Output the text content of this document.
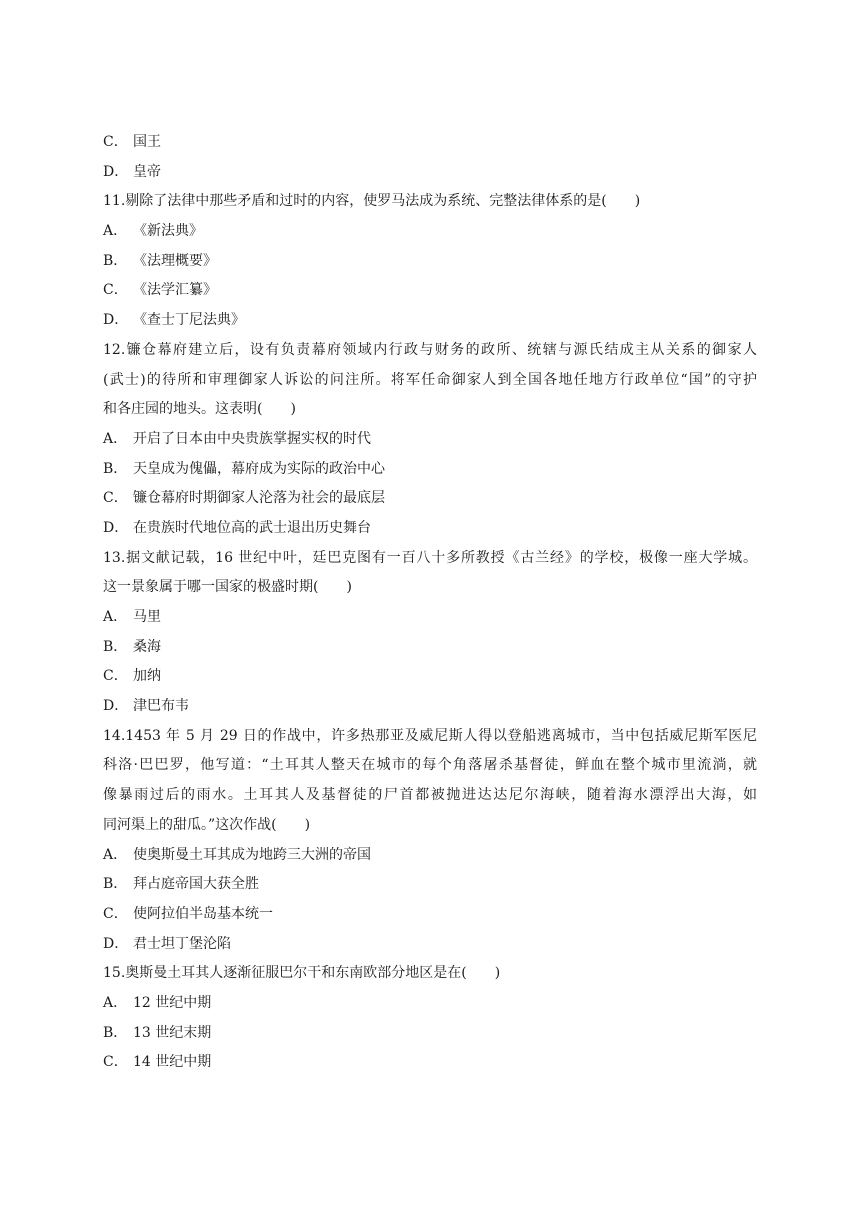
C． 国王
D． 皇帝
11.剔除了法律中那些矛盾和过时的内容，使罗马法成为系统、完整法律体系的是(　　)
A． 《新法典》
B． 《法理概要》
C． 《法学汇纂》
D． 《查士丁尼法典》
12.镰仓幕府建立后，设有负责幕府领域内行政与财务的政所、统辖与源氏结成主从关系的御家人
(武士)的待所和审理御家人诉讼的问注所。将军任命御家人到全国各地任地方行政单位“国”的守护
和各庄园的地头。这表明(　　)
A． 开启了日本由中央贵族掌握实权的时代
B． 天皇成为傀儡，幕府成为实际的政治中心
C． 镰仓幕府时期御家人沦落为社会的最底层
D． 在贵族时代地位高的武士退出历史舞台
13.据文献记载，16 世纪中叶，廷巴克图有一百八十多所教授《古兰经》的学校，极像一座大学城。
这一景象属于哪一国家的极盛时期(　　)
A． 马里
B． 桑海
C． 加纳
D． 津巴布韦
14.1453 年 5 月 29 日的作战中，许多热那亚及威尼斯人得以登船逃离城市，当中包括威尼斯军医尼
科洛·巴巴罗，他写道：“土耳其人整天在城市的每个角落屠杀基督徒，鲜血在整个城市里流淌，就
像暴雨过后的雨水。土耳其人及基督徒的尸首都被抛进达达尼尔海峡，随着海水漂浮出大海，如
同河渠上的甜瓜。”这次作战(　　)
A． 使奥斯曼土耳其成为地跨三大洲的帝国
B． 拜占庭帝国大获全胜
C． 使阿拉伯半岛基本统一
D． 君士坦丁堡沦陷
15.奥斯曼土耳其人逐渐征服巴尔干和东南欧部分地区是在(　　)
A． 12 世纪中期
B． 13 世纪末期
C． 14 世纪中期
